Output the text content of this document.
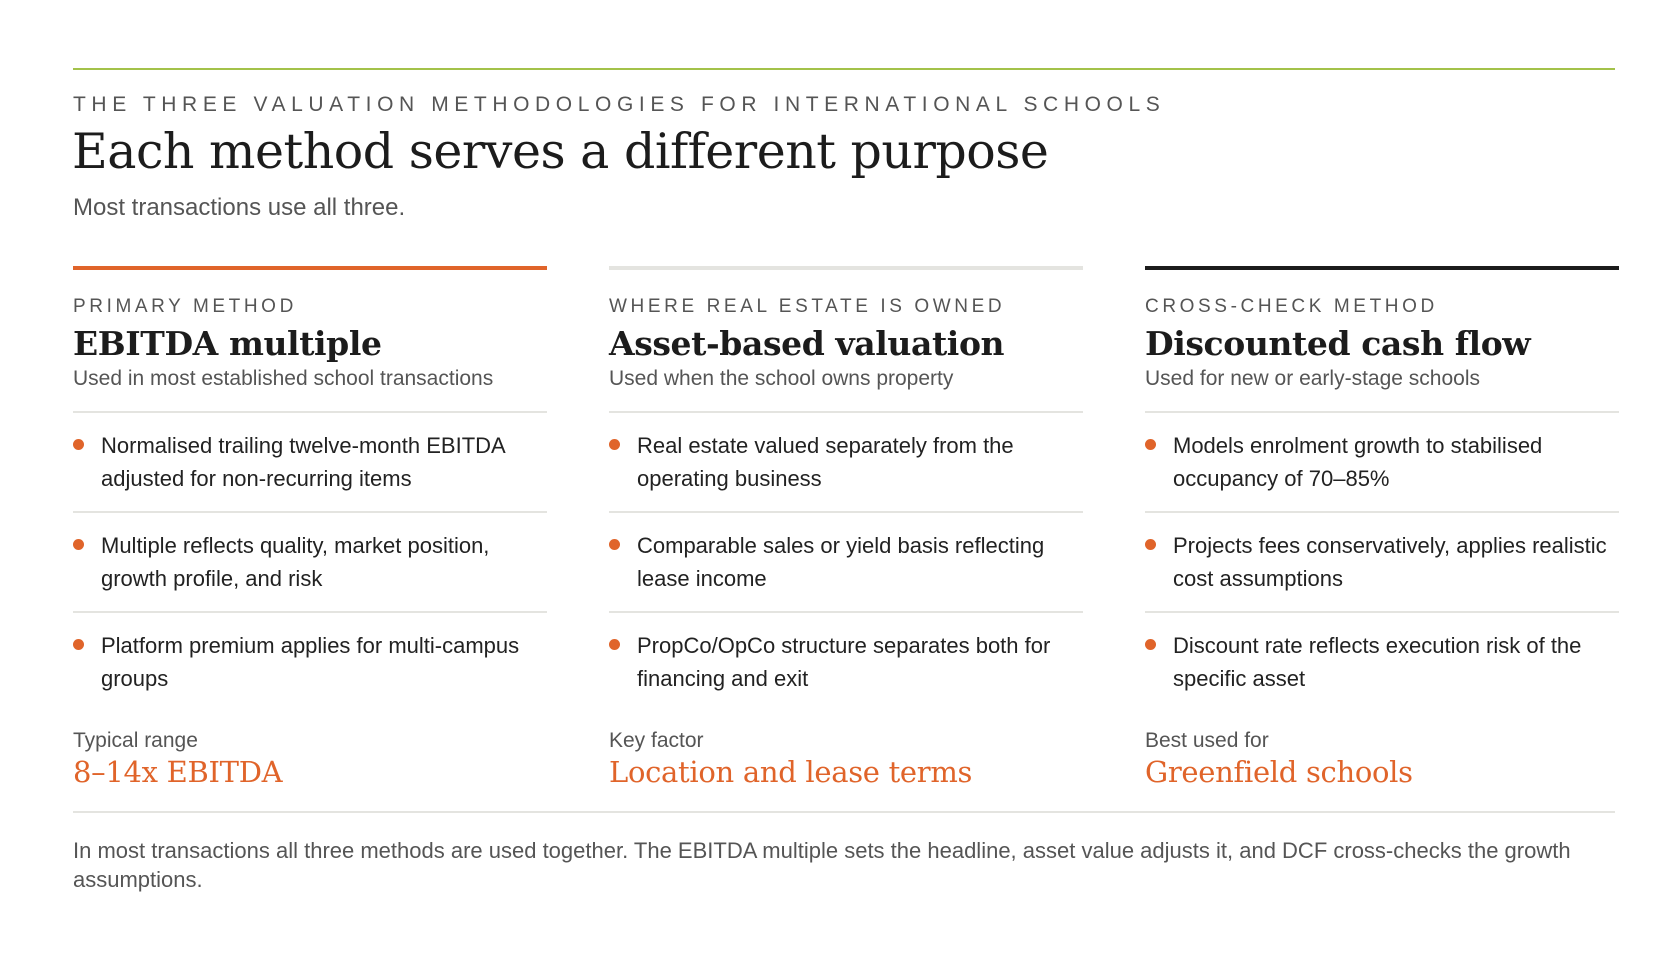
THE THREE VALUATION METHODOLOGIES FOR INTERNATIONAL SCHOOLS
Each method serves a different purpose
Most transactions use all three.
PRIMARY METHOD
EBITDA multiple
Used in most established school transactions
Normalised trailing twelve-month EBITDA adjusted for non-recurring items
Multiple reflects quality, market position, growth profile, and risk
Platform premium applies for multi-campus groups
Typical range
8–14x EBITDA
WHERE REAL ESTATE IS OWNED
Asset-based valuation
Used when the school owns property
Real estate valued separately from the operating business
Comparable sales or yield basis reflecting lease income
PropCo/OpCo structure separates both for financing and exit
Key factor
Location and lease terms
CROSS-CHECK METHOD
Discounted cash flow
Used for new or early-stage schools
Models enrolment growth to stabilised occupancy of 70–85%
Projects fees conservatively, applies realistic cost assumptions
Discount rate reflects execution risk of the specific asset
Best used for
Greenfield schools

In most transactions all three methods are used together. The EBITDA multiple sets the headline, asset value adjusts it, and DCF cross-checks the growth assumptions.
